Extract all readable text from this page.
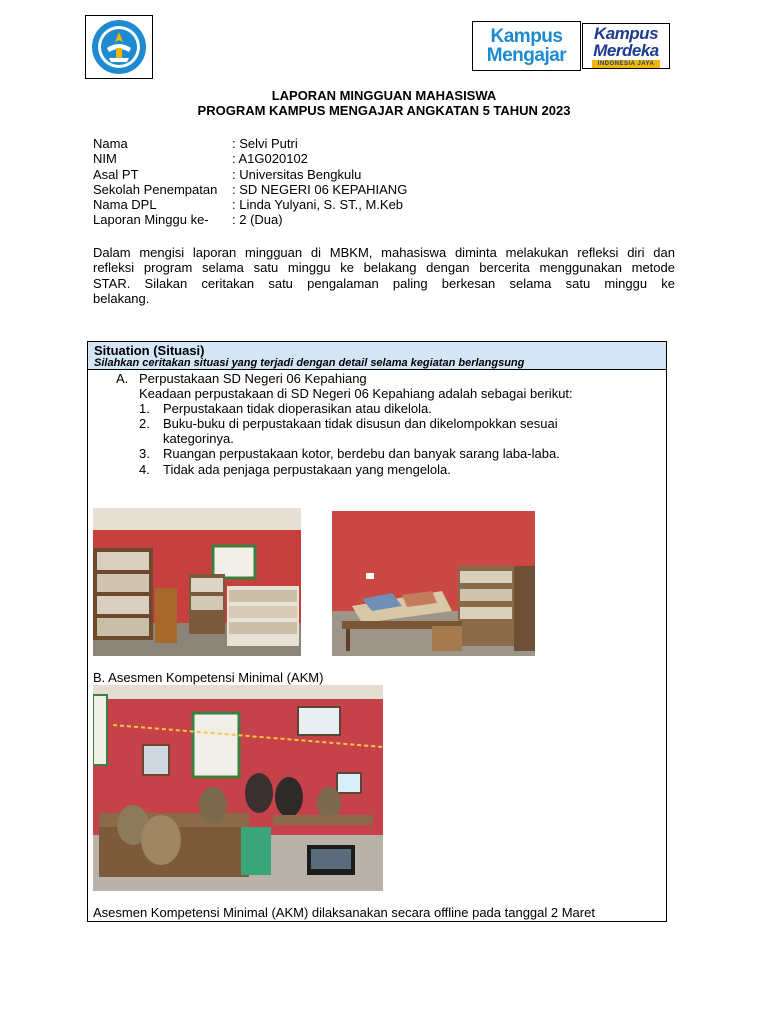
Kampus
Mengajar
Kampus
Merdeka
INDONESIA JAYA
LAPORAN MINGGUAN MAHASISWA
PROGRAM KAMPUS MENGAJAR ANGKATAN 5 TAHUN 2023
Nama	: Selvi Putri
NIM	: A1G020102
Asal PT	: Universitas Bengkulu
Sekolah Penempatan	: SD NEGERI 06 KEPAHIANG
Nama DPL	: Linda Yulyani, S. ST., M.Keb
Laporan Minggu ke-	: 2 (Dua)
Dalam mengisi laporan mingguan di MBKM, mahasiswa diminta melakukan refleksi diri dan
refleksi program selama satu minggu ke belakang dengan bercerita menggunakan metode
STAR. Silakan ceritakan satu pengalaman paling berkesan selama satu minggu ke
belakang.
Situation (Situasi)
Silahkan ceritakan situasi yang terjadi dengan detail selama kegiatan berlangsung
A. Perpustakaan SD Negeri 06 Kepahiang
Keadaan perpustakaan di SD Negeri 06 Kepahiang adalah sebagai berikut:
1. Perpustakaan tidak dioperasikan atau dikelola.
2. Buku-buku di perpustakaan tidak disusun dan dikelompokkan sesuai
kategorinya.
3. Ruangan perpustakaan kotor, berdebu dan banyak sarang laba-laba.
4. Tidak ada penjaga perpustakaan yang mengelola.
B. Asesmen Kompetensi Minimal (AKM)
Asesmen Kompetensi Minimal (AKM) dilaksanakan secara offline pada tanggal 2 Maret
